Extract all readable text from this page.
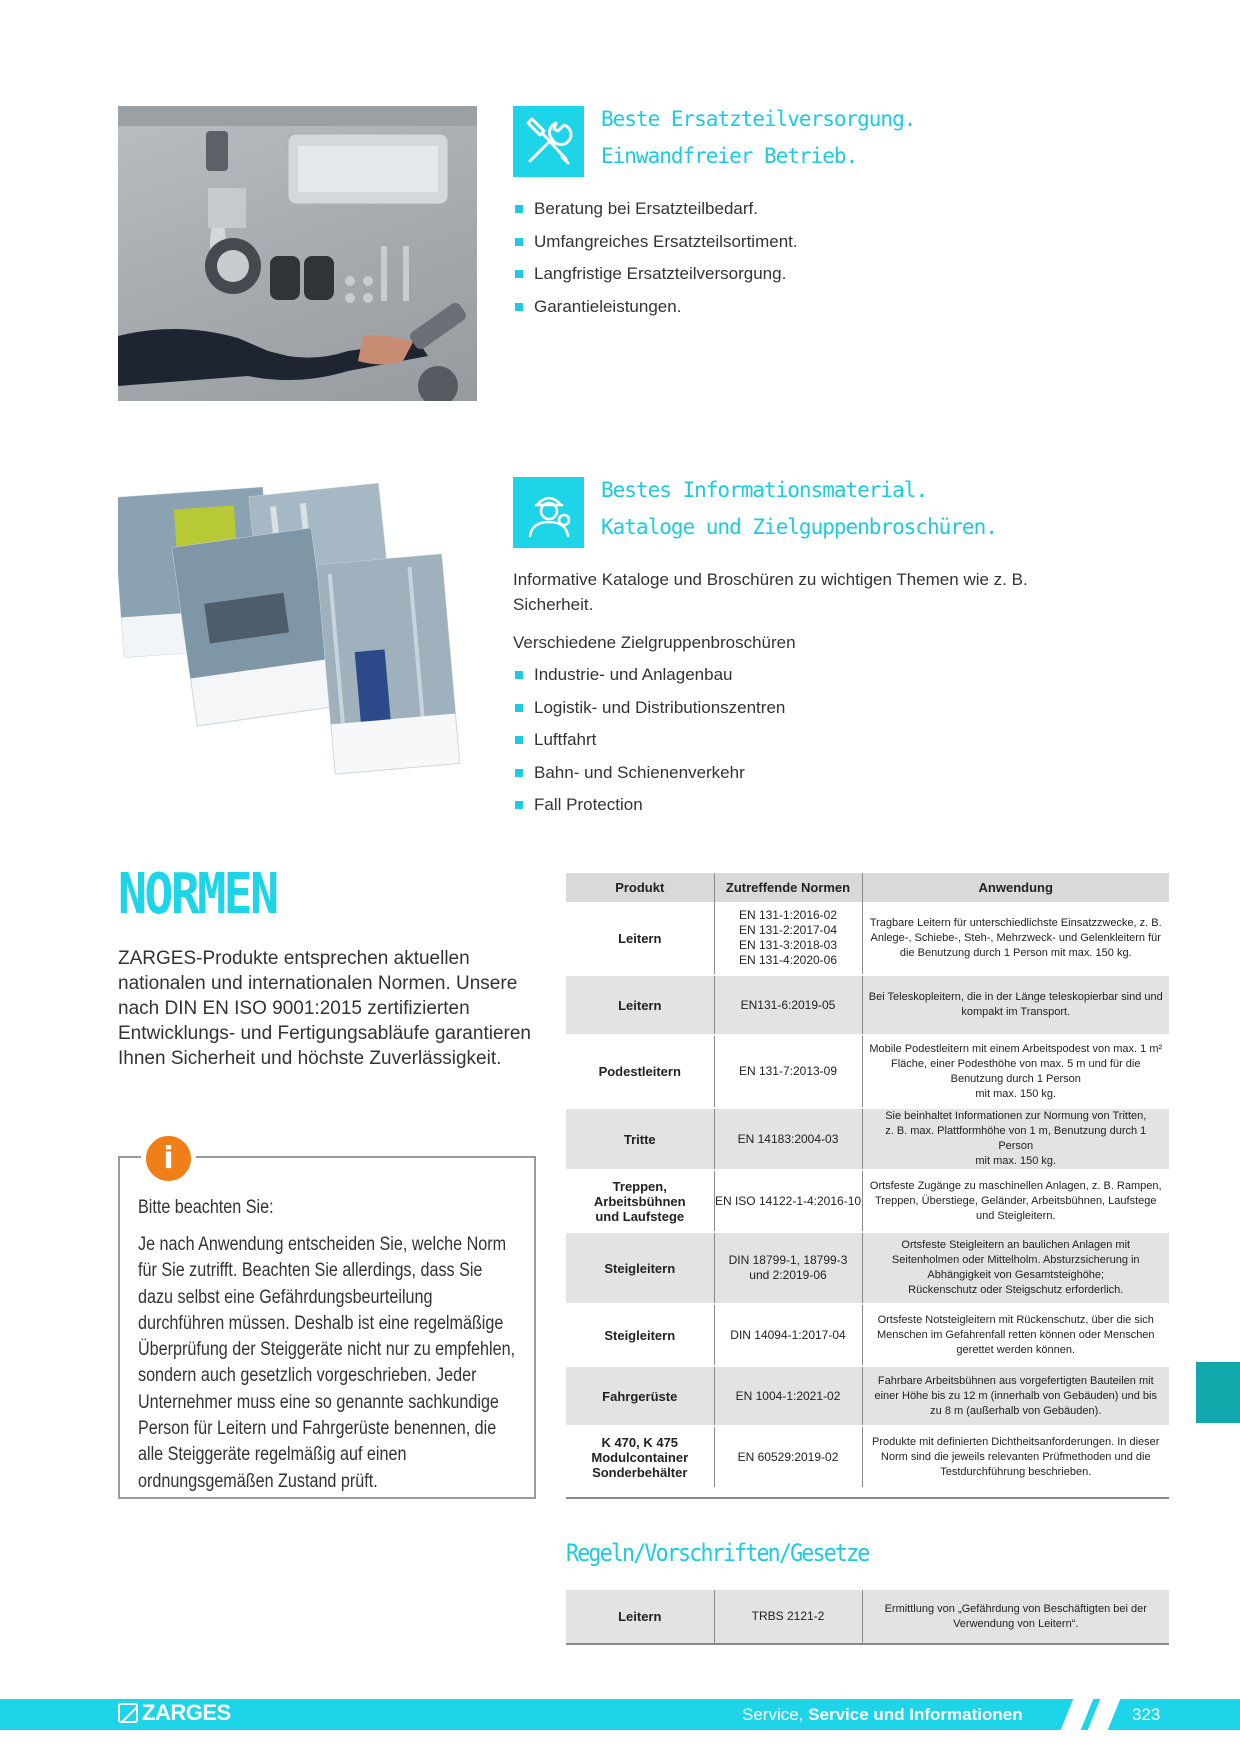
Beste Ersatzteilversorgung.
Einwandfreier Betrieb.
Beratung bei Ersatzteilbedarf.
Umfangreiches Ersatzteilsortiment.
Langfristige Ersatzteilversorgung.
Garantieleistungen.
Bestes Informationsmaterial.
Kataloge und Zielguppenbroschüren.
Informative Kataloge und Broschüren zu wichtigen Themen wie z. B. Sicherheit.
Verschiedene Zielgruppenbroschüren
Industrie- und Anlagenbau
Logistik- und Distributionszentren
Luftfahrt
Bahn- und Schienenverkehr
Fall Protection
NORMEN
ZARGES-Produkte entsprechen aktuellen nationalen und internationalen Normen. Unsere nach DIN EN ISO 9001:2015 zertifizierten Entwicklungs- und Fertigungsabläufe garantieren Ihnen Sicherheit und höchste Zuverlässigkeit.
i
Bitte beachten Sie:
Je nach Anwendung entscheiden Sie, welche Norm für Sie zutrifft. Beachten Sie allerdings, dass Sie dazu selbst eine Gefährdungsbeurteilung durchführen müssen. Deshalb ist eine regelmäßige Überprüfung der Steiggeräte nicht nur zu empfehlen, sondern auch gesetzlich vorgeschrieben. Jeder Unternehmer muss eine so genannte sachkundige Person für Leitern und Fahrgerüste benennen, die alle Steiggeräte regelmäßig auf einen ordnungsgemäßen Zustand prüft.
Produkt	Zutreffende Normen	Anwendung
Leitern	EN 131-1:2016-02
EN 131-2:2017-04
EN 131-3:2018-03
EN 131-4:2020-06	Tragbare Leitern für unterschiedlichste Einsatzzwecke, z. B. Anlege-, Schiebe-, Steh-, Mehrzweck- und Gelenkleitern für die Benutzung durch 1 Person mit max. 150 kg.
Leitern	EN131-6:2019-05	Bei Teleskopleitern, die in der Länge teleskopierbar sind und kompakt im Transport.
Podestleitern	EN 131-7:2013-09	Mobile Podestleitern mit einem Arbeitspodest von max. 1 m² Fläche, einer Podesthöhe von max. 5 m und für die Benutzung durch 1 Person
mit max. 150 kg.
Tritte	EN 14183:2004-03	Sie beinhaltet Informationen zur Normung von Tritten,
z. B. max. Plattformhöhe von 1 m, Benutzung durch 1 Person
mit max. 150 kg.
Treppen, Arbeitsbühnen
und Laufstege	EN ISO 14122-1-4:2016-10	Ortsfeste Zugänge zu maschinellen Anlagen, z. B. Rampen, Treppen, Überstiege, Geländer, Arbeitsbühnen, Laufstege und Steigleitern.
Steigleitern	DIN 18799-1, 18799-3
und 2:2019-06	Ortsfeste Steigleitern an baulichen Anlagen mit Seitenholmen oder Mittelholm. Absturzsicherung in Abhängigkeit von Gesamtsteighöhe;
Rückenschutz oder Steigschutz erforderlich.
Steigleitern	DIN 14094-1:2017-04	Ortsfeste Notsteigleitern mit Rückenschutz, über die sich Menschen im Gefahrenfall retten können oder Menschen gerettet werden können.
Fahrgerüste	EN 1004-1:2021-02	Fahrbare Arbeitsbühnen aus vorgefertigten Bauteilen mit einer Höhe bis zu 12 m (innerhalb von Gebäuden) und bis zu 8 m (außerhalb von Gebäuden).
K 470, K 475
Modulcontainer
Sonderbehälter	EN 60529:2019-02	Produkte mit definierten Dichtheitsanforderungen. In dieser Norm sind die jeweils relevanten Prüfmethoden und die Testdurchführung beschrieben.
Regeln/Vorschriften/Gesetze
Leitern	TRBS 2121-2	Ermittlung von „Gefährdung von Beschäftigten bei der Verwendung von Leitern“.
ZARGES	Service, Service und Informationen	323
